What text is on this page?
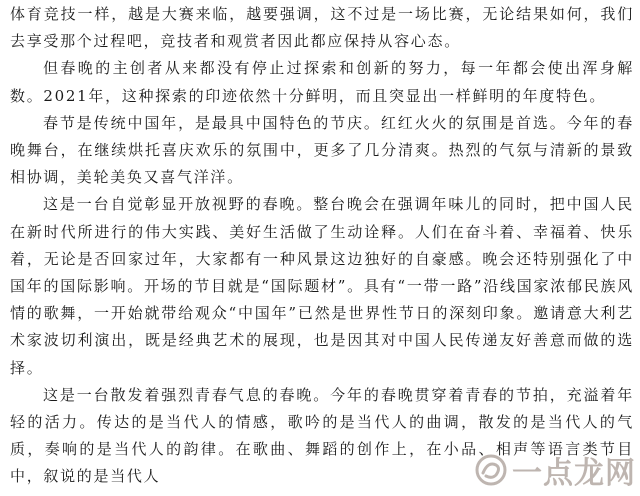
体育竞技一样，越是大赛来临，越要强调，这不过是一场比赛，无论结果如何，我们去享受那个过程吧，竞技者和观赏者因此都应保持从容心态。

但春晚的主创者从来都没有停止过探索和创新的努力，每一年都会使出浑身解数。2021年，这种探索的印迹依然十分鲜明，而且突显出一样鲜明的年度特色。

春节是传统中国年，是最具中国特色的节庆。红红火火的氛围是首选。今年的春晚舞台，在继续烘托喜庆欢乐的氛围中，更多了几分清爽。热烈的气氛与清新的景致相协调，美轮美奂又喜气洋洋。

这是一台自觉彰显开放视野的春晚。整台晚会在强调年味儿的同时，把中国人民在新时代所进行的伟大实践、美好生活做了生动诠释。人们在奋斗着、幸福着、快乐着，无论是否回家过年，大家都有一种风景这边独好的自豪感。晚会还特别强化了中国年的国际影响。开场的节目就是“国际题材”。具有“一带一路”沿线国家浓郁民族风情的歌舞，一开始就带给观众“中国年”已然是世界性节日的深刻印象。邀请意大利艺术家波切利演出，既是经典艺术的展现，也是因其对中国人民传递友好善意而做的选择。

这是一台散发着强烈青春气息的春晚。今年的春晚贯穿着青春的节拍，充溢着年轻的活力。传达的是当代人的情感，歌吟的是当代人的曲调，散发的是当代人的气质，奏响的是当代人的韵律。在歌曲、舞蹈的创作上，在小品、相声等语言类节目中，叙说的是当代人	一点龙网
